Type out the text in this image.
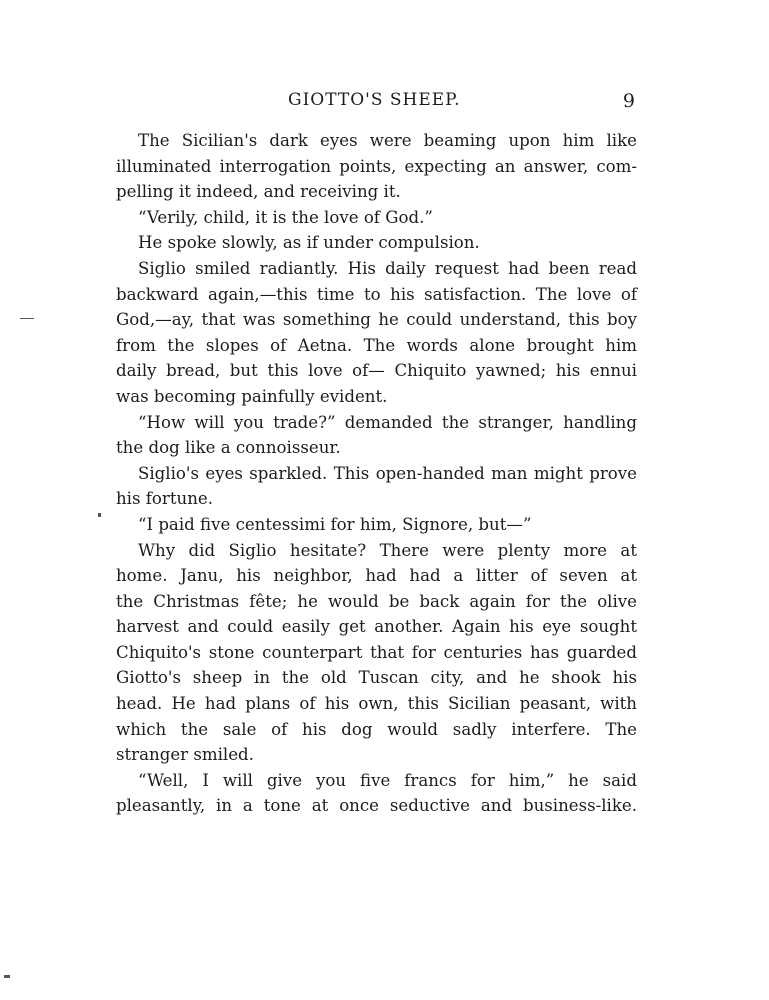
GIOTTO'S SHEEP.	9
The Sicilian's dark eyes were beaming upon him like
illuminated interrogation points, expecting an answer, com-
pelling it indeed, and receiving it.
“Verily, child, it is the love of God.”
He spoke slowly, as if under compulsion.
Siglio smiled radiantly. His daily request had been read
backward again,—this time to his satisfaction. The love of
God,—ay, that was something he could understand, this boy
from the slopes of Aetna. The words alone brought him
daily bread, but this love of— Chiquito yawned; his ennui
was becoming painfully evident.
“How will you trade?” demanded the stranger, handling
the dog like a connoisseur.
Siglio's eyes sparkled. This open-handed man might prove
his fortune.
“I paid five centessimi for him, Signore, but—”
Why did Siglio hesitate? There were plenty more at
home. Janu, his neighbor, had had a litter of seven at
the Christmas fête; he would be back again for the olive
harvest and could easily get another. Again his eye sought
Chiquito's stone counterpart that for centuries has guarded
Giotto's sheep in the old Tuscan city, and he shook his
head. He had plans of his own, this Sicilian peasant, with
which the sale of his dog would sadly interfere. The
stranger smiled.
“Well, I will give you five francs for him,” he said
pleasantly, in a tone at once seductive and business-like.
